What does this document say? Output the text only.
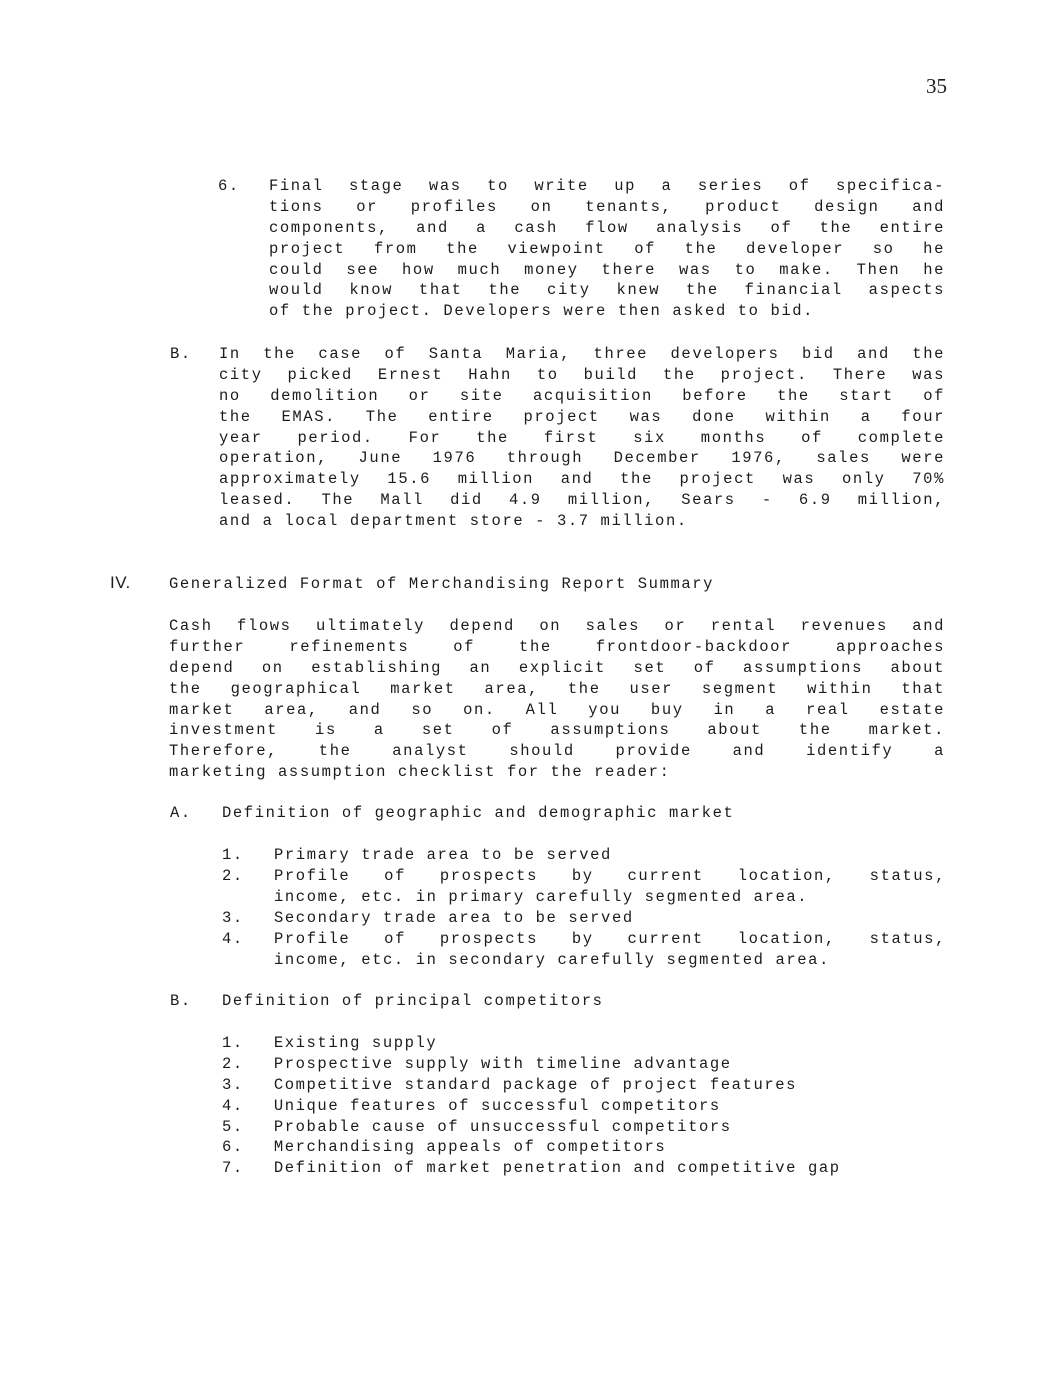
35
6. Final stage was to write up a series of specifica-
tions or profiles on tenants, product design and
components, and a cash flow analysis of the entire
project from the viewpoint of the developer so he
could see how much money there was to make. Then he
would know that the city knew the financial aspects
of the project. Developers were then asked to bid.
B. In the case of Santa Maria, three developers bid and the
city picked Ernest Hahn to build the project. There was
no demolition or site acquisition before the start of
the EMAS. The entire project was done within a four
year period. For the first six months of complete
operation, June 1976 through December 1976, sales were
approximately 15.6 million and the project was only 70%
leased. The Mall did 4.9 million, Sears - 6.9 million,
and a local department store - 3.7 million.
IV. Generalized Format of Merchandising Report Summary
Cash flows ultimately depend on sales or rental revenues and
further refinements of the frontdoor-backdoor approaches
depend on establishing an explicit set of assumptions about
the geographical market area, the user segment within that
market area, and so on. All you buy in a real estate
investment is a set of assumptions about the market.
Therefore, the analyst should provide and identify a
marketing assumption checklist for the reader:
A. Definition of geographic and demographic market
1. Primary trade area to be served
2. Profile of prospects by current location, status,
income, etc. in primary carefully segmented area.
3. Secondary trade area to be served
4. Profile of prospects by current location, status,
income, etc. in secondary carefully segmented area.
B. Definition of principal competitors
1. Existing supply
2. Prospective supply with timeline advantage
3. Competitive standard package of project features
4. Unique features of successful competitors
5. Probable cause of unsuccessful competitors
6. Merchandising appeals of competitors
7. Definition of market penetration and competitive gap
